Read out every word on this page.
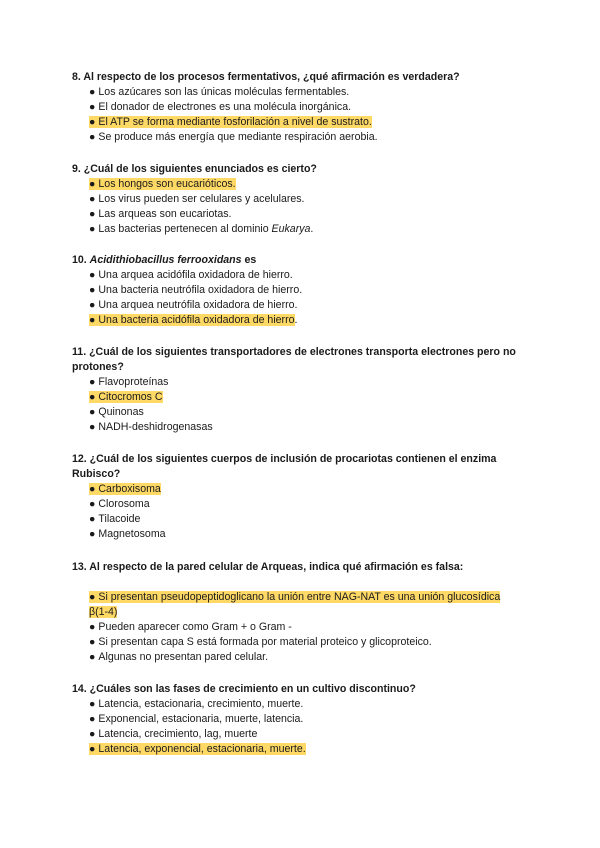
8. Al respecto de los procesos fermentativos, ¿qué afirmación es verdadera?

● Los azúcares son las únicas moléculas fermentables.
● El donador de electrones es una molécula inorgánica.
● El ATP se forma mediante fosforilación a nivel de sustrato.
● Se produce más energía que mediante respiración aerobia.

9. ¿Cuál de los siguientes enunciados es cierto?

● Los hongos son eucarióticos.
● Los virus pueden ser celulares y acelulares.
● Las arqueas son eucariotas.
● Las bacterias pertenecen al dominio Eukarya.

10. Acidithiobacillus ferrooxidans es

● Una arquea acidófila oxidadora de hierro.
● Una bacteria neutrófila oxidadora de hierro.
● Una arquea neutrófila oxidadora de hierro.
● Una bacteria acidófila oxidadora de hierro.

11. ¿Cuál de los siguientes transportadores de electrones transporta electrones pero no protones?

● Flavoproteínas
● Citocromos C
● Quinonas
● NADH-deshidrogenasas

12. ¿Cuál de los siguientes cuerpos de inclusión de procariotas contienen el enzima Rubisco?

● Carboxisoma
● Clorosoma
● Tilacoide
● Magnetosoma

13. Al respecto de la pared celular de Arqueas, indica qué afirmación es falsa:

● Si presentan pseudopeptidoglicano la unión entre NAG-NAT es una unión glucosídica
β(1-4)
● Pueden aparecer como Gram + o Gram -
● Si presentan capa S está formada por material proteico y glicoproteico.
● Algunas no presentan pared celular.

14. ¿Cuáles son las fases de crecimiento en un cultivo discontinuo?

● Latencia, estacionaria, crecimiento, muerte.
● Exponencial, estacionaria, muerte, latencia.
● Latencia, crecimiento, lag, muerte
● Latencia, exponencial, estacionaria, muerte.
